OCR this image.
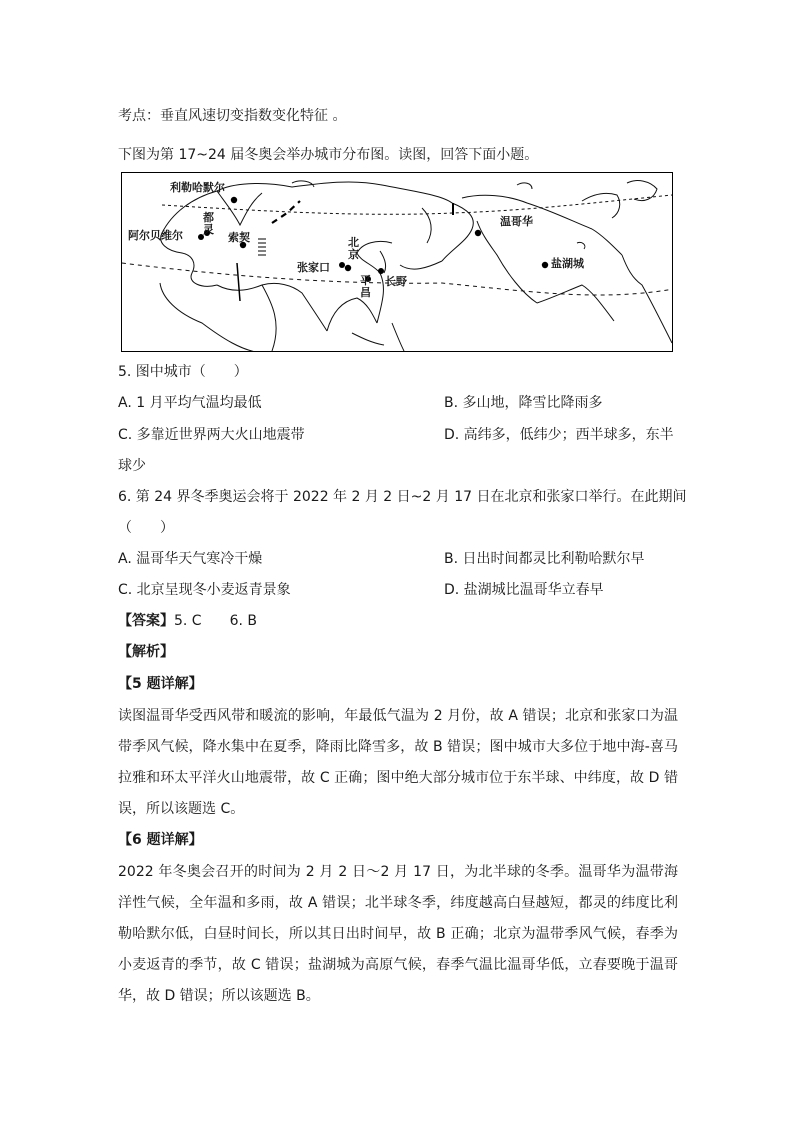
考点：垂直风速切变指数变化特征 。
下图为第 17~24 届冬奥会举办城市分布图。读图，回答下面小题。
利勒哈默尔
都灵
阿尔贝维尔	索契	北京
张家口
平昌
长野
温哥华
盐湖城
5. 图中城市（　　）
A. 1 月平均气温均最低	B. 多山地，降雪比降雨多
C. 多靠近世界两大火山地震带	D. 高纬多，低纬少；西半球多，东半
球少
6. 第 24 界冬季奥运会将于 2022 年 2 月 2 日~2 月 17 日在北京和张家口举行。在此期间
（　　）
A. 温哥华天气寒冷干燥	B. 日出时间都灵比利勒哈默尔早
C. 北京呈现冬小麦返青景象	D. 盐湖城比温哥华立春早
【答案】5. C　　6. B
【解析】
【5 题详解】
读图温哥华受西风带和暖流的影响，年最低气温为 2 月份，故 A 错误；北京和张家口为温带季风气候，降水集中在夏季，降雨比降雪多，故 B 错误；图中城市大多位于地中海-喜马拉雅和环太平洋火山地震带，故 C 正确；图中绝大部分城市位于东半球、中纬度，故 D 错误，所以该题选 C。
【6 题详解】
2022 年冬奥会召开的时间为 2 月 2 日～2 月 17 日，为北半球的冬季。温哥华为温带海洋性气候，全年温和多雨，故 A 错误；北半球冬季，纬度越高白昼越短，都灵的纬度比利勒哈默尔低，白昼时间长，所以其日出时间早，故 B 正确；北京为温带季风气候，春季为小麦返青的季节，故 C 错误；盐湖城为高原气候，春季气温比温哥华低，立春要晚于温哥华，故 D 错误；所以该题选 B。
